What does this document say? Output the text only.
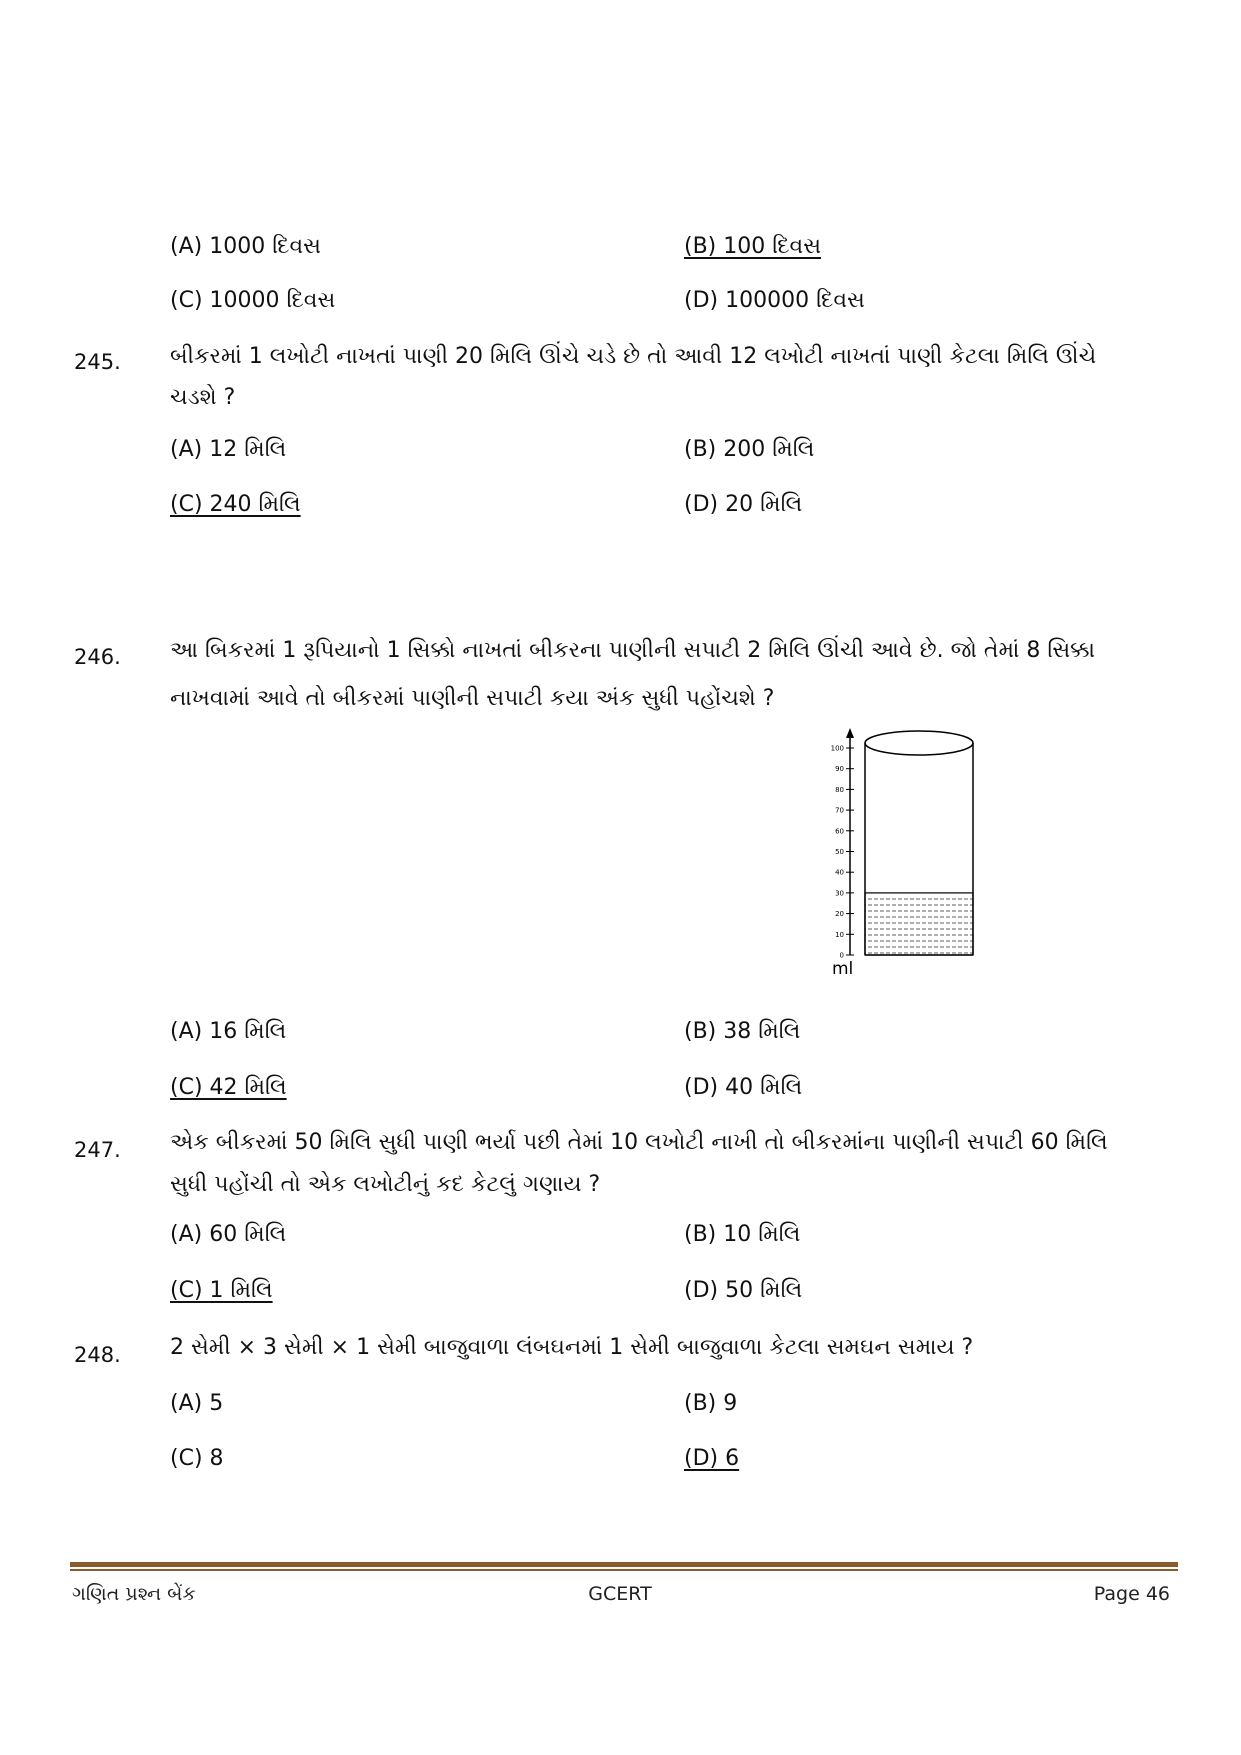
(A) 1000 દિવસ	(B) 100 દિવસ
(C) 10000 દિવસ	(D) 100000 દિવસ
245. બીકરમાં 1 લખોટી નાખતાં પાણી 20 મિલિ ઊંચે ચડે છે તો આવી 12 લખોટી નાખતાં પાણી કેટલા મિલિ ઊંચે
ચડશે ?
(A) 12 મિલિ	(B) 200 મિલિ
(C) 240 મિલિ	(D) 20 મિલિ
246. આ બિકરમાં 1 રૂપિયાનો 1 સિક્કો નાખતાં બીકરના પાણીની સપાટી 2 મિલિ ઊંચી આવે છે. જો તેમાં 8 સિક્કા
નાખવામાં આવે તો બીકરમાં પાણીની સપાટી કયા અંક સુધી પહોંચશે ?
100
90
80
70
60
50
40
30
20
10
0
ml
(A) 16 મિલિ	(B) 38 મિલિ
(C) 42 મિલિ	(D) 40 મિલિ
247. એક બીકરમાં 50 મિલિ સુધી પાણી ભર્યા પછી તેમાં 10 લખોટી નાખી તો બીકરમાંના પાણીની સપાટી 60 મિલિ
સુધી પહોંચી તો એક લખોટીનું કદ કેટલું ગણાય ?
(A) 60 મિલિ	(B) 10 મિલિ
(C) 1 મિલિ	(D) 50 મિલિ
248. 2 સેમી × 3 સેમી × 1 સેમી બાજુવાળા લંબઘનમાં 1 સેમી બાજુવાળા કેટલા સમઘન સમાય ?
(A) 5	(B) 9
(C) 8	(D) 6
ગણિત પ્રશ્ન બેંક	GCERT	Page 46
